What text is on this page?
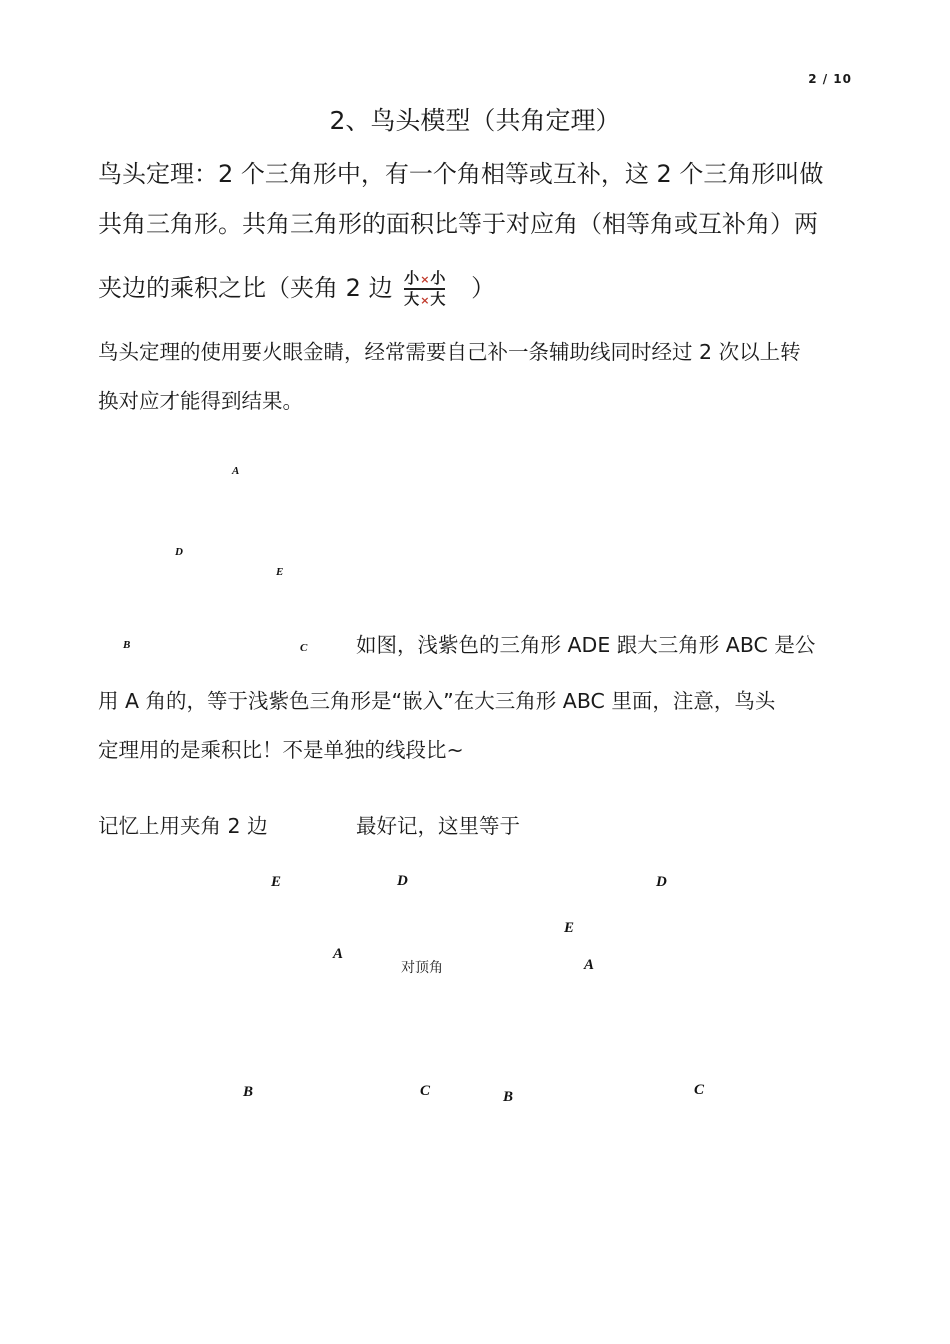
2 / 10
2、鸟头模型（共角定理）
鸟头定理：2 个三角形中，有一个角相等或互补，这 2 个三角形叫做
共角三角形。共角三角形的面积比等于对应角（相等角或互补角）两
夹边的乘积之比（夹角 2 边 $\frac{\text{小×小}}{\text{大×大}}$ ）
鸟头定理的使用要火眼金睛，经常需要自己补一条辅助线同时经过 2 次以上转
换对应才能得到结果。
A
D
E
B	C 如图，浅紫色的三角形 ADE 跟大三角形 ABC 是公
用 A 角的，等于浅紫色三角形是“嵌入”在大三角形 ABC 里面，注意，鸟头
定理用的是乘积比！不是单独的线段比~
记忆上用夹角 2 边	最好记，这里等于
E	D
A
对顶角
B	C
D
E
A
B	C
